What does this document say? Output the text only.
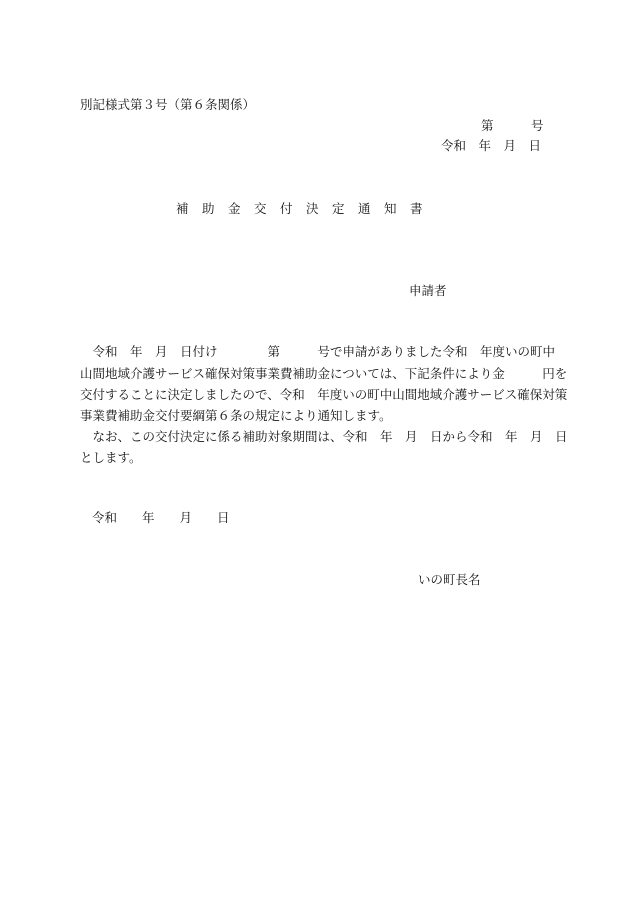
別記様式第３号（第６条関係）
第　　　号
令和　年　月　日
補　助　金　交　付　決　定　通　知　書
申請者
　令和　年　月　日付け　　　　第　　　号で申請がありました令和　年度いの町中
山間地域介護サービス確保対策事業費補助金については、下記条件により金　　　円を
交付することに決定しましたので、令和　年度いの町中山間地域介護サービス確保対策
事業費補助金交付要綱第６条の規定により通知します。
　なお、この交付決定に係る補助対象期間は、令和　年　月　日から令和　年　月　日
とします。
令和　　年　　月　　日
いの町長名
